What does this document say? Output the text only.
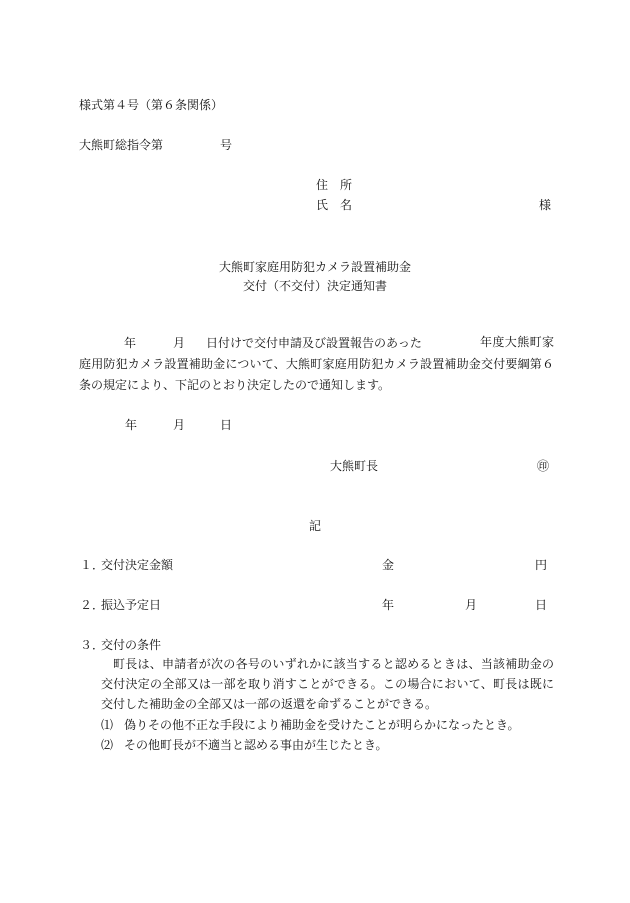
様式第４号（第６条関係）
大熊町総指令第	号
住　所
氏　名	様
大熊町家庭用防犯カメラ設置補助金
交付（不交付）決定通知書
年	月 日付けで交付申請及び設置報告のあった	年度大熊町家庭用防犯カメラ設置補助金について、大熊町家庭用防犯カメラ設置補助金交付要綱第６条の規定により、下記のとおり決定したので通知します。
年	月	日
大熊町長	㊞
記
１．
交付決定金額	金	円
２．
振込予定日	年	月	日
３．
交付の条件
町長は、申請者が次の各号のいずれかに該当すると認めるときは、当該補助金の交付決定の全部又は一部を取り消すことができる。この場合において、町長は既に交付した補助金の全部又は一部の返還を命ずることができる。
⑴ 偽りその他不正な手段により補助金を受けたことが明らかになったとき。
⑵ その他町長が不適当と認める事由が生じたとき。
